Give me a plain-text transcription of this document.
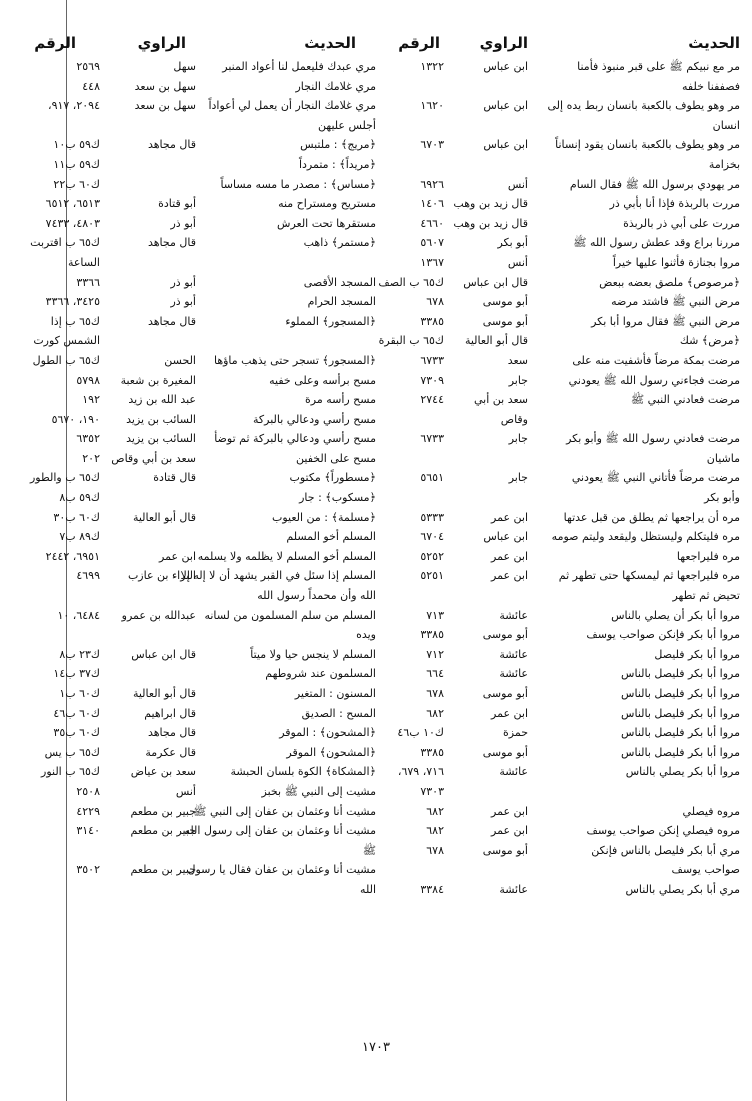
الحديث
الراوي
الرقم
مر مع نبيكم ﷺ على قبر منبوذ فأمنا
ابن عباس
١٣٢٢
فصففنا خلفه
مر وهو يطوف بالكعبة بانسان ربط يده إلى
ابن عباس
١٦٢٠
انسان
مر وهو يطوف بالكعبة بانسان يقود إنساناً
ابن عباس
٦٧٠٣
بخزامة
مر يهودي برسول الله ﷺ فقال السام
أنس
٦٩٢٦
مررت بالربذة فإذا أنا بأبي ذر
قال زيد بن وهب
١٤٠٦
مررت على أبي ذر بالربذة
قال زيد بن وهب
٤٦٦٠
مررنا براع وقد عطش رسول الله ﷺ
أبو بكر
٥٦٠٧
مروا بجنازة فأثنوا عليها خيراً
أنس
١٣٦٧
﴿مرصوص﴾ ملصق بعضه ببعض
قال ابن عباس
ك٦٥ ب الصف
مرض النبي ﷺ فاشتد مرضه
أبو موسى
٦٧٨
مرض النبي ﷺ فقال مروا أبا بكر
أبو موسى
٣٣٨٥
﴿مرض﴾ شك
قال أبو العالية
ك٦٥ ب البقرة
مرضت بمكة مرضاً فأشفيت منه على
سعد
٦٧٣٣
مرضت فجاءني رسول الله ﷺ يعودني
جابر
٧٣٠٩
مرضت فعادني النبي ﷺ
سعد بن أبي
٢٧٤٤
وقاص
مرضت فعادني رسول الله ﷺ وأبو بكر
جابر
٦٧٣٣
ماشيان
مرضت مرضاً فأتاني النبي ﷺ يعودني
جابر
٥٦٥١
وأبو بكر
مره أن يراجعها ثم يطلق من قبل عدتها
ابن عمر
٥٣٣٣
مره فليتكلم وليستظل وليقعد وليتم صومه
ابن عباس
٦٧٠٤
مره فليراجعها
ابن عمر
٥٢٥٢
مره فليراجعها ثم ليمسكها حتى تطهر ثم
ابن عمر
٥٢٥١
تحيض ثم تطهر
مروا أبا بكر أن يصلي بالناس
عائشة
٧١٣
مروا أبا بكر فإنكن صواحب يوسف
أبو موسى
٣٣٨٥
مروا أبا بكر فليصل
عائشة
٧١٢
مروا أبا بكر فليصل بالناس
عائشة
٦٦٤
مروا أبا بكر فليصل بالناس
أبو موسى
٦٧٨
مروا أبا بكر فليصل بالناس
ابن عمر
٦٨٢
مروا أبا بكر فليصل بالناس
حمزة
ك١٠ ب٤٦
مروا أبا بكر فليصل بالناس
أبو موسى
٣٣٨٥
مروا أبا بكر يصلي بالناس
عائشة
٧١٦، ٦٧٩،
٧٣٠٣
مروه فيصلي
ابن عمر
٦٨٢
مروه فيصلي إنكن صواحب يوسف
ابن عمر
٦٨٢
مري أبا بكر فليصل بالناس فإنكن
أبو موسى
٦٧٨
صواحب يوسف
مري أبا بكر يصلي بالناس
عائشة
٣٣٨٤
الحديث
الراوي
الرقم
مري عبدك فليعمل لنا أعواد المنبر
سهل
٢٥٦٩
مري غلامك النجار
سهل بن سعد
٤٤٨
مري غلامك النجار أن يعمل لي أعواداً
سهل بن سعد
٢٠٩٤، ٩١٧،
أجلس عليهن
﴿مريج﴾ : ملتبس
قال مجاهد
ك٥٩ ب١٠
﴿مريداً﴾ : متمرداً
ك٥٩ ب١١
﴿مساس﴾ : مصدر ما مسه مساساً
ك٦٠ ب٢٢
مستريح ومستراح منه
أبو قتادة
٦٥١٣، ٦٥١٢
مستقرها تحت العرش
أبو ذر
٤٨٠٣، ٧٤٣٣
﴿مستمر﴾ ذاهب
قال مجاهد
ك٦٥ ب اقتربت
الساعة
المسجد الأقصى
أبو ذر
٣٣٦٦
المسجد الحرام
أبو ذر
٣٤٢٥، ٣٣٦٦
﴿المسجور﴾ المملوء
قال مجاهد
ك٦٥ ب إذا
الشمس كورت
﴿المسجور﴾ تسجر حتى يذهب ماؤها
الحسن
ك٦٥ ب الطول
مسح برأسه وعلى خفيه
المغيرة بن شعبة
٥٧٩٨
مسح رأسه مرة
عبد الله بن زيد
١٩٢
مسح رأسي ودعالي بالبركة
السائب بن يزيد
١٩٠، ٥٦٧٠
مسح رأسي ودعالي بالبركة ثم توضأ
السائب بن يزيد
٦٣٥٢
مسح على الخفين
سعد بن أبي وقاص
٢٠٢
﴿مسطوراً﴾ مكتوب
قال قتادة
ك٦٥ ب والطور
﴿مسكوب﴾ : جار
ك٥٩ ب٨
﴿مسلمة﴾ : من العيوب
قال أبو العالية
ك٦٠ ب٣٠
المسلم أخو المسلم
ك٨٩ ب٧
المسلم أخو المسلم لا يظلمه ولا يسلمه
ابن عمر
٦٩٥١، ٢٤٤٢
المسلم إذا سئل في القبر يشهد أن لا إله إلا
البراء بن عازب
٤٦٩٩
الله وأن محمداً رسول الله
المسلم من سلم المسلمون من لسانه
عبدالله بن عمرو
٦٤٨٤، ١٠
ويده
المسلم لا ينجس حيا ولا ميتاً
قال ابن عباس
ك٢٣ ب٨
المسلمون عند شروطهم
ك٣٧ ب١٤
المسنون : المتغير
قال أبو العالية
ك٦٠ ب١
المسح : الصديق
قال ابراهيم
ك٦٠ ب٤٦
﴿المشحون﴾ : الموقر
قال مجاهد
ك٦٠ ب٣٥
﴿المشحون﴾ الموقر
قال عكرمة
ك٦٥ ب يس
﴿المشكاة﴾ الكوة بلسان الحبشة
سعد بن عياض
ك٦٥ ب النور
مشيت إلى النبي ﷺ بخبز
أنس
٢٥٠٨
مشيت أنا وعثمان بن عفان إلى النبي ﷺ
جبير بن مطعم
٤٢٢٩
مشيت أنا وعثمان بن عفان إلى رسول الله
جبير بن مطعم
٣١٤٠
ﷺ
مشيت أنا وعثمان بن عفان فقال يا رسول
جبير بن مطعم
٣٥٠٢
الله
١٧٠٣
